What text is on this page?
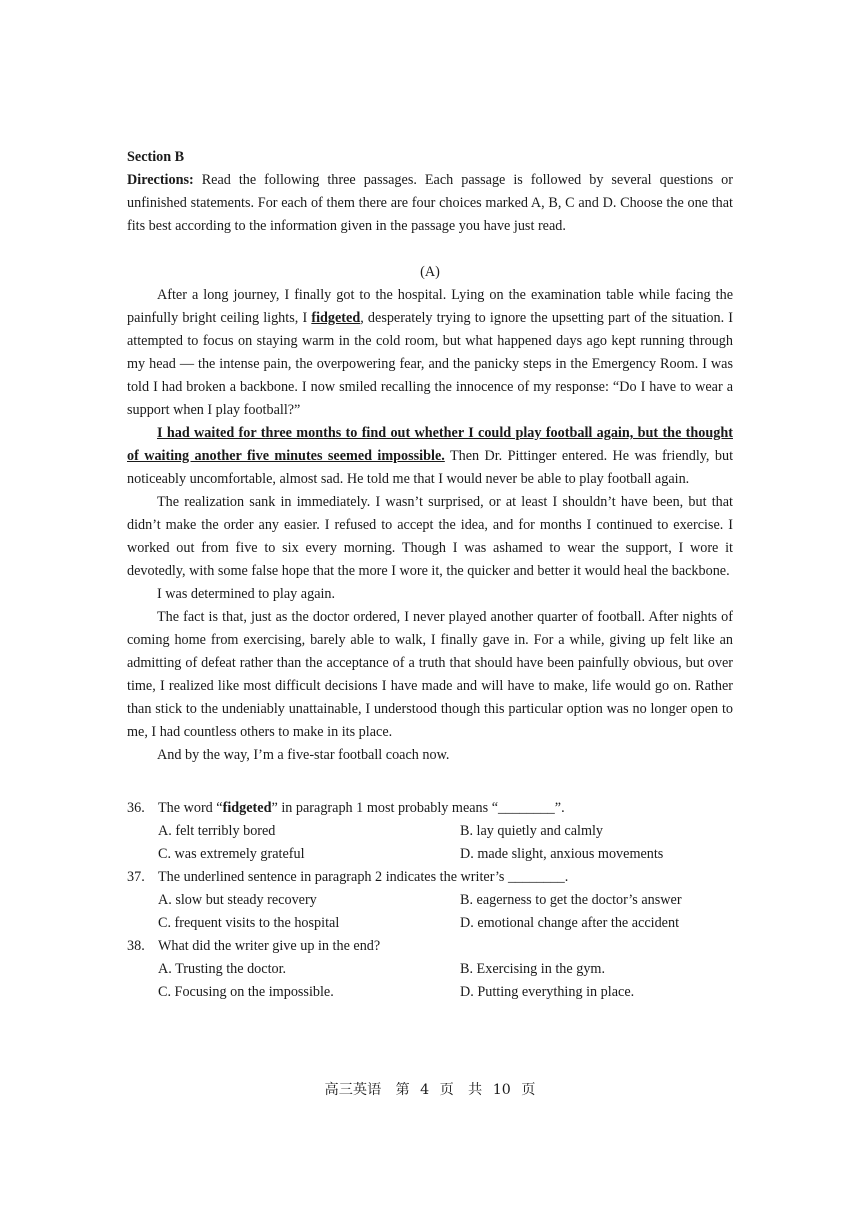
Section B
Directions: Read the following three passages. Each passage is followed by several questions or unfinished statements. For each of them there are four choices marked A, B, C and D. Choose the one that fits best according to the information given in the passage you have just read.
(A)

After a long journey, I finally got to the hospital. Lying on the examination table while facing the painfully bright ceiling lights, I fidgeted, desperately trying to ignore the upsetting part of the situation. I attempted to focus on staying warm in the cold room, but what happened days ago kept running through my head — the intense pain, the overpowering fear, and the panicky steps in the Emergency Room. I was told I had broken a backbone. I now smiled recalling the innocence of my response: “Do I have to wear a support when I play football?”

I had waited for three months to find out whether I could play football again, but the thought of waiting another five minutes seemed impossible. Then Dr. Pittinger entered. He was friendly, but noticeably uncomfortable, almost sad. He told me that I would never be able to play football again.

The realization sank in immediately. I wasn’t surprised, or at least I shouldn’t have been, but that didn’t make the order any easier. I refused to accept the idea, and for months I continued to exercise. I worked out from five to six every morning. Though I was ashamed to wear the support, I wore it devotedly, with some false hope that the more I wore it, the quicker and better it would heal the backbone.

I was determined to play again.

The fact is that, just as the doctor ordered, I never played another quarter of football. After nights of coming home from exercising, barely able to walk, I finally gave in. For a while, giving up felt like an admitting of defeat rather than the acceptance of a truth that should have been painfully obvious, but over time, I realized like most difficult decisions I have made and will have to make, life would go on. Rather than stick to the undeniably unattainable, I understood though this particular option was no longer open to me, I had countless others to make in its place.

And by the way, I’m a five-star football coach now.

36. The word “fidgeted” in paragraph 1 most probably means “________”.
A. felt terribly bored	B. lay quietly and calmly
C. was extremely grateful	D. made slight, anxious movements
37. The underlined sentence in paragraph 2 indicates the writer’s ________.
A. slow but steady recovery	B. eagerness to get the doctor’s answer
C. frequent visits to the hospital	D. emotional change after the accident
38. What did the writer give up in the end?
A. Trusting the doctor.	B. Exercising in the gym.
C. Focusing on the impossible.	D. Putting everything in place.
高三英语　第 4 页　共 10 页
